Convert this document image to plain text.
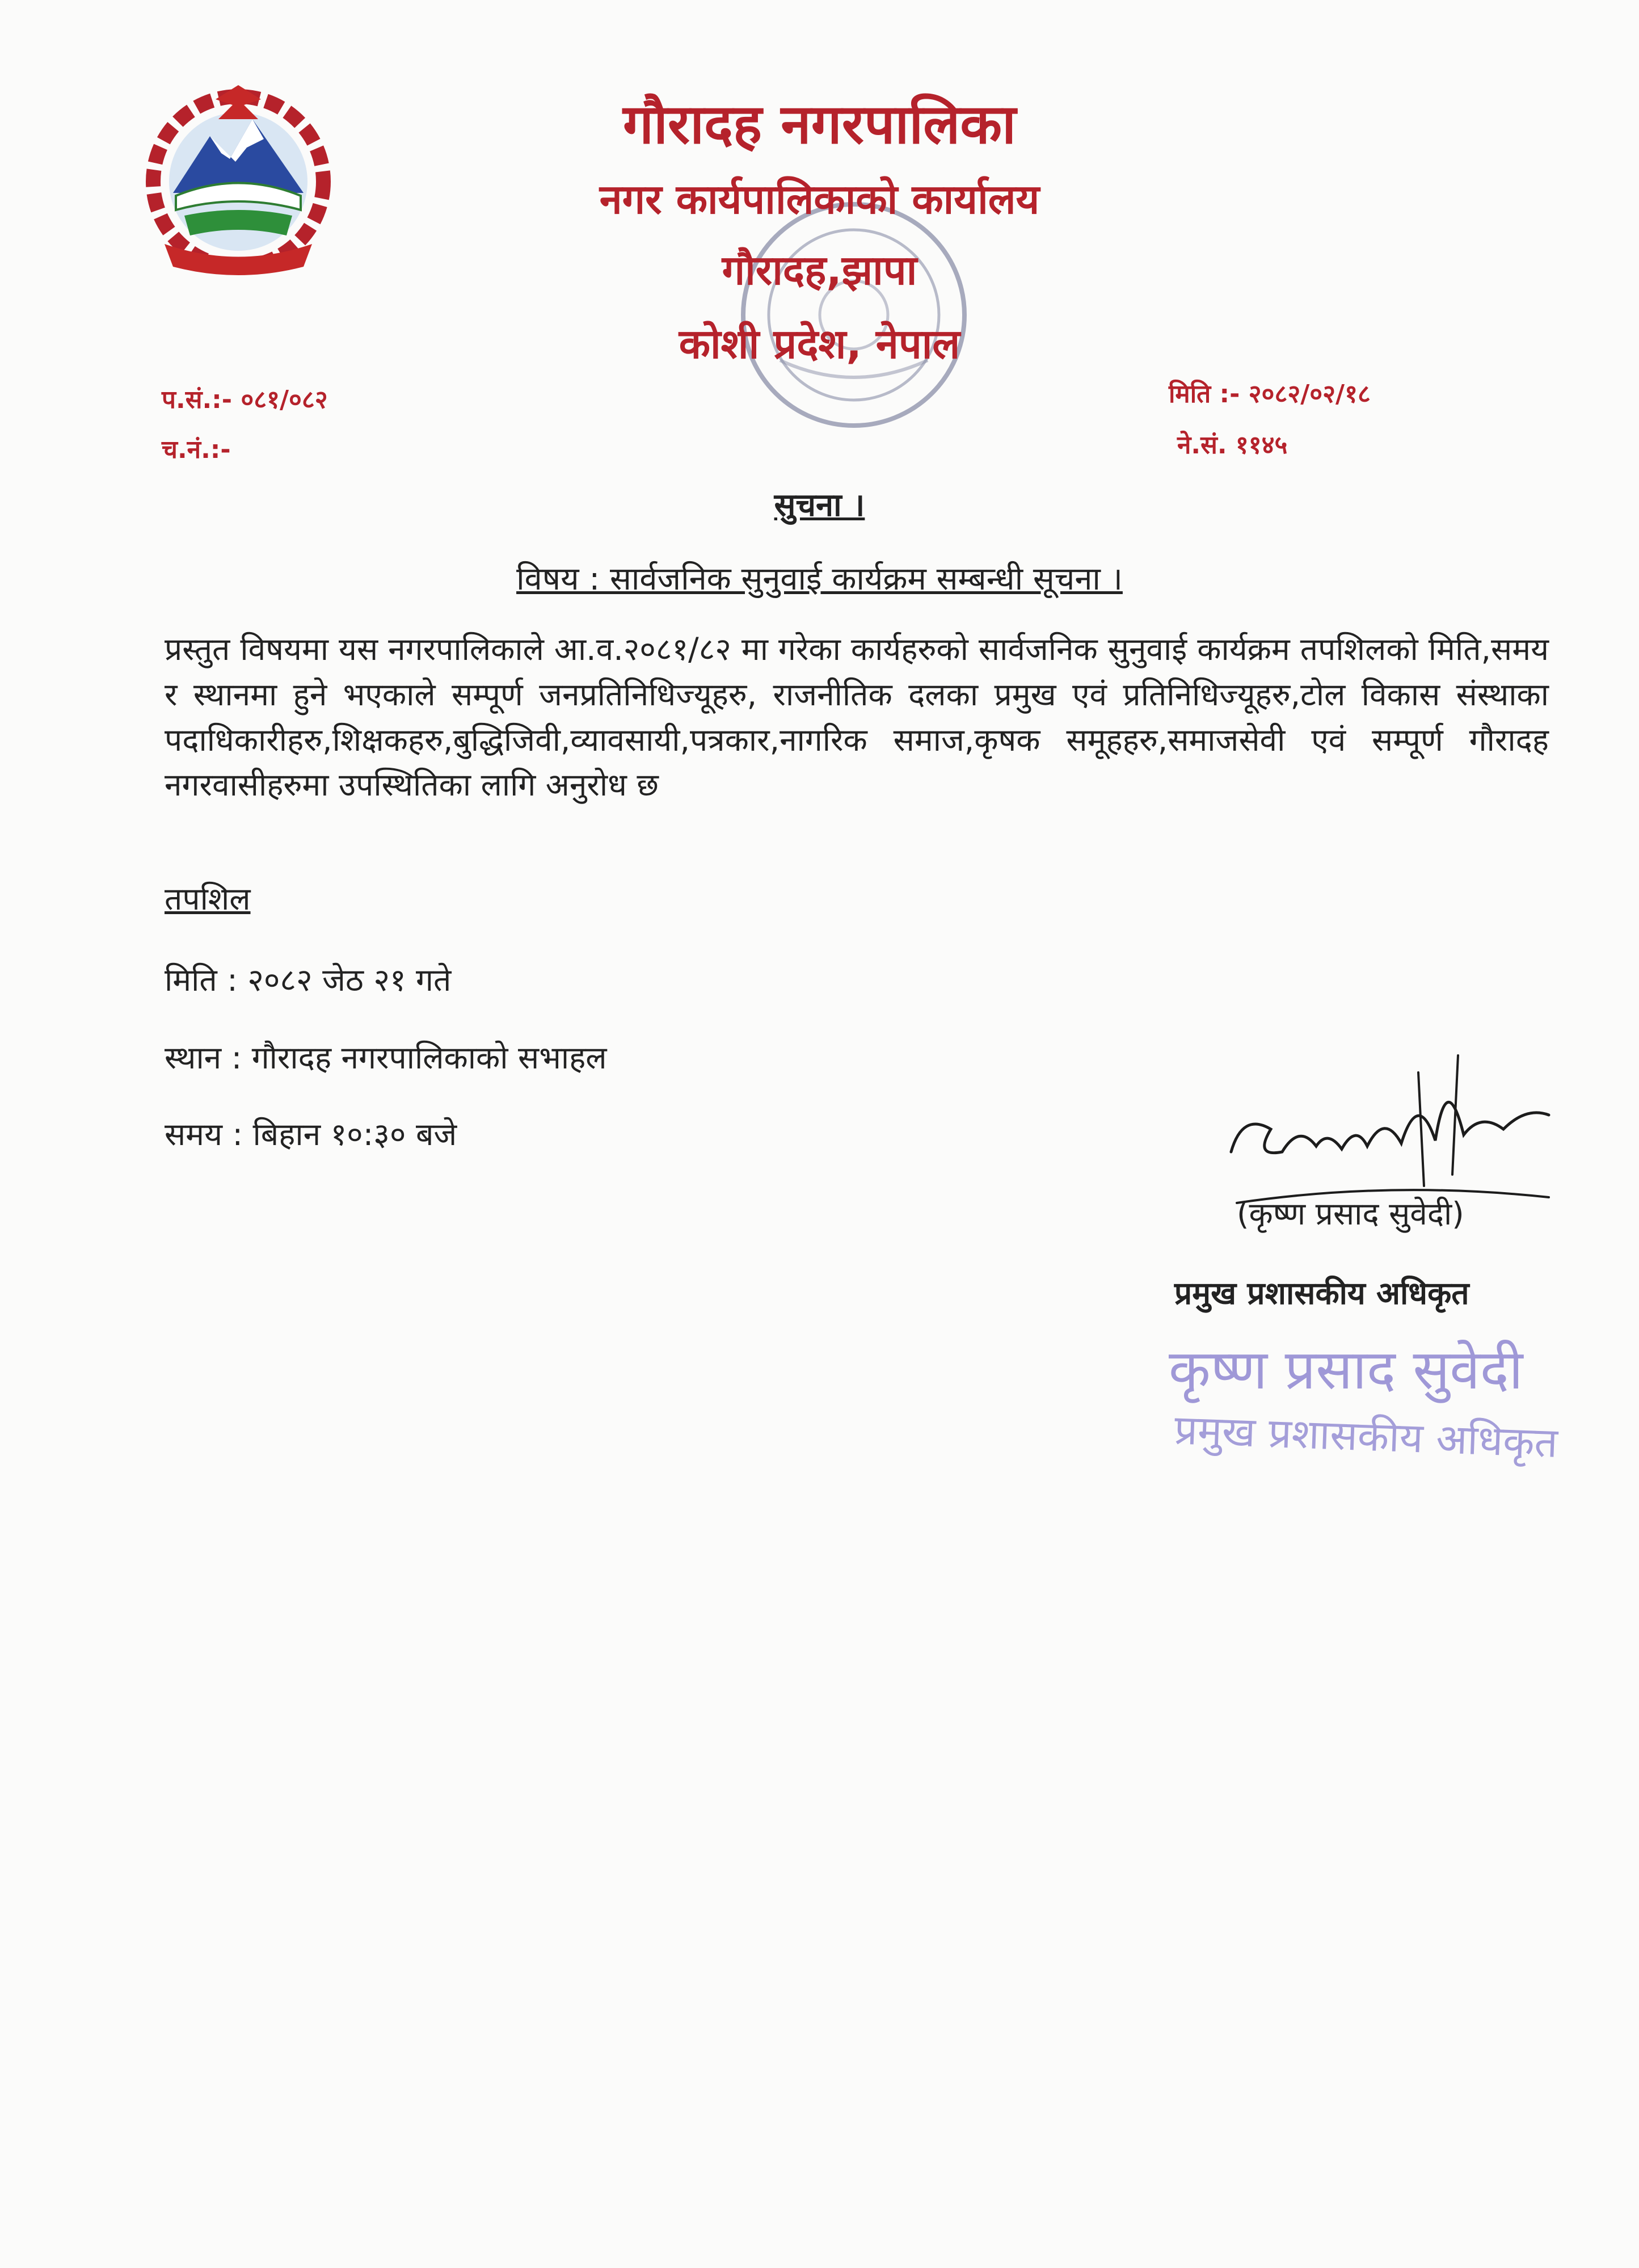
गौरादह नगरपालिका
नगर कार्यपालिकाको कार्यालय
गौरादह,झापा
कोशी प्रदेश, नेपाल
प.सं.:- ०८१/०८२
च.नं.:-
मिति :- २०८२/०२/१८
ने.सं. ११४५
सुचना ।
विषय : सार्वजनिक सुनुवाई कार्यक्रम सम्बन्धी सूचना ।
प्रस्तुत विषयमा यस नगरपालिकाले आ.व.२०८१/८२ मा गरेका कार्यहरुको सार्वजनिक सुनुवाई कार्यक्रम तपशिलको मिति,समय र स्थानमा हुने भएकाले सम्पूर्ण जनप्रतिनिधिज्यूहरु, राजनीतिक दलका प्रमुख एवं प्रतिनिधिज्यूहरु,टोल विकास संस्थाका पदाधिकारीहरु,शिक्षकहरु,बुद्धिजिवी,व्यावसायी,पत्रकार,नागरिक समाज,कृषक समूहहरु,समाजसेवी एवं सम्पूर्ण गौरादह नगरवासीहरुमा उपस्थितिका लागि अनुरोध छ
तपशिल
मिति : २०८२ जेठ २१ गते
स्थान : गौरादह नगरपालिकाको सभाहल
समय : बिहान १०:३० बजे
(कृष्ण प्रसाद सुवेदी)
प्रमुख प्रशासकीय अधिकृत
कृष्ण प्रसाद सुवेदी
प्रमुख प्रशासकीय अधिकृत
